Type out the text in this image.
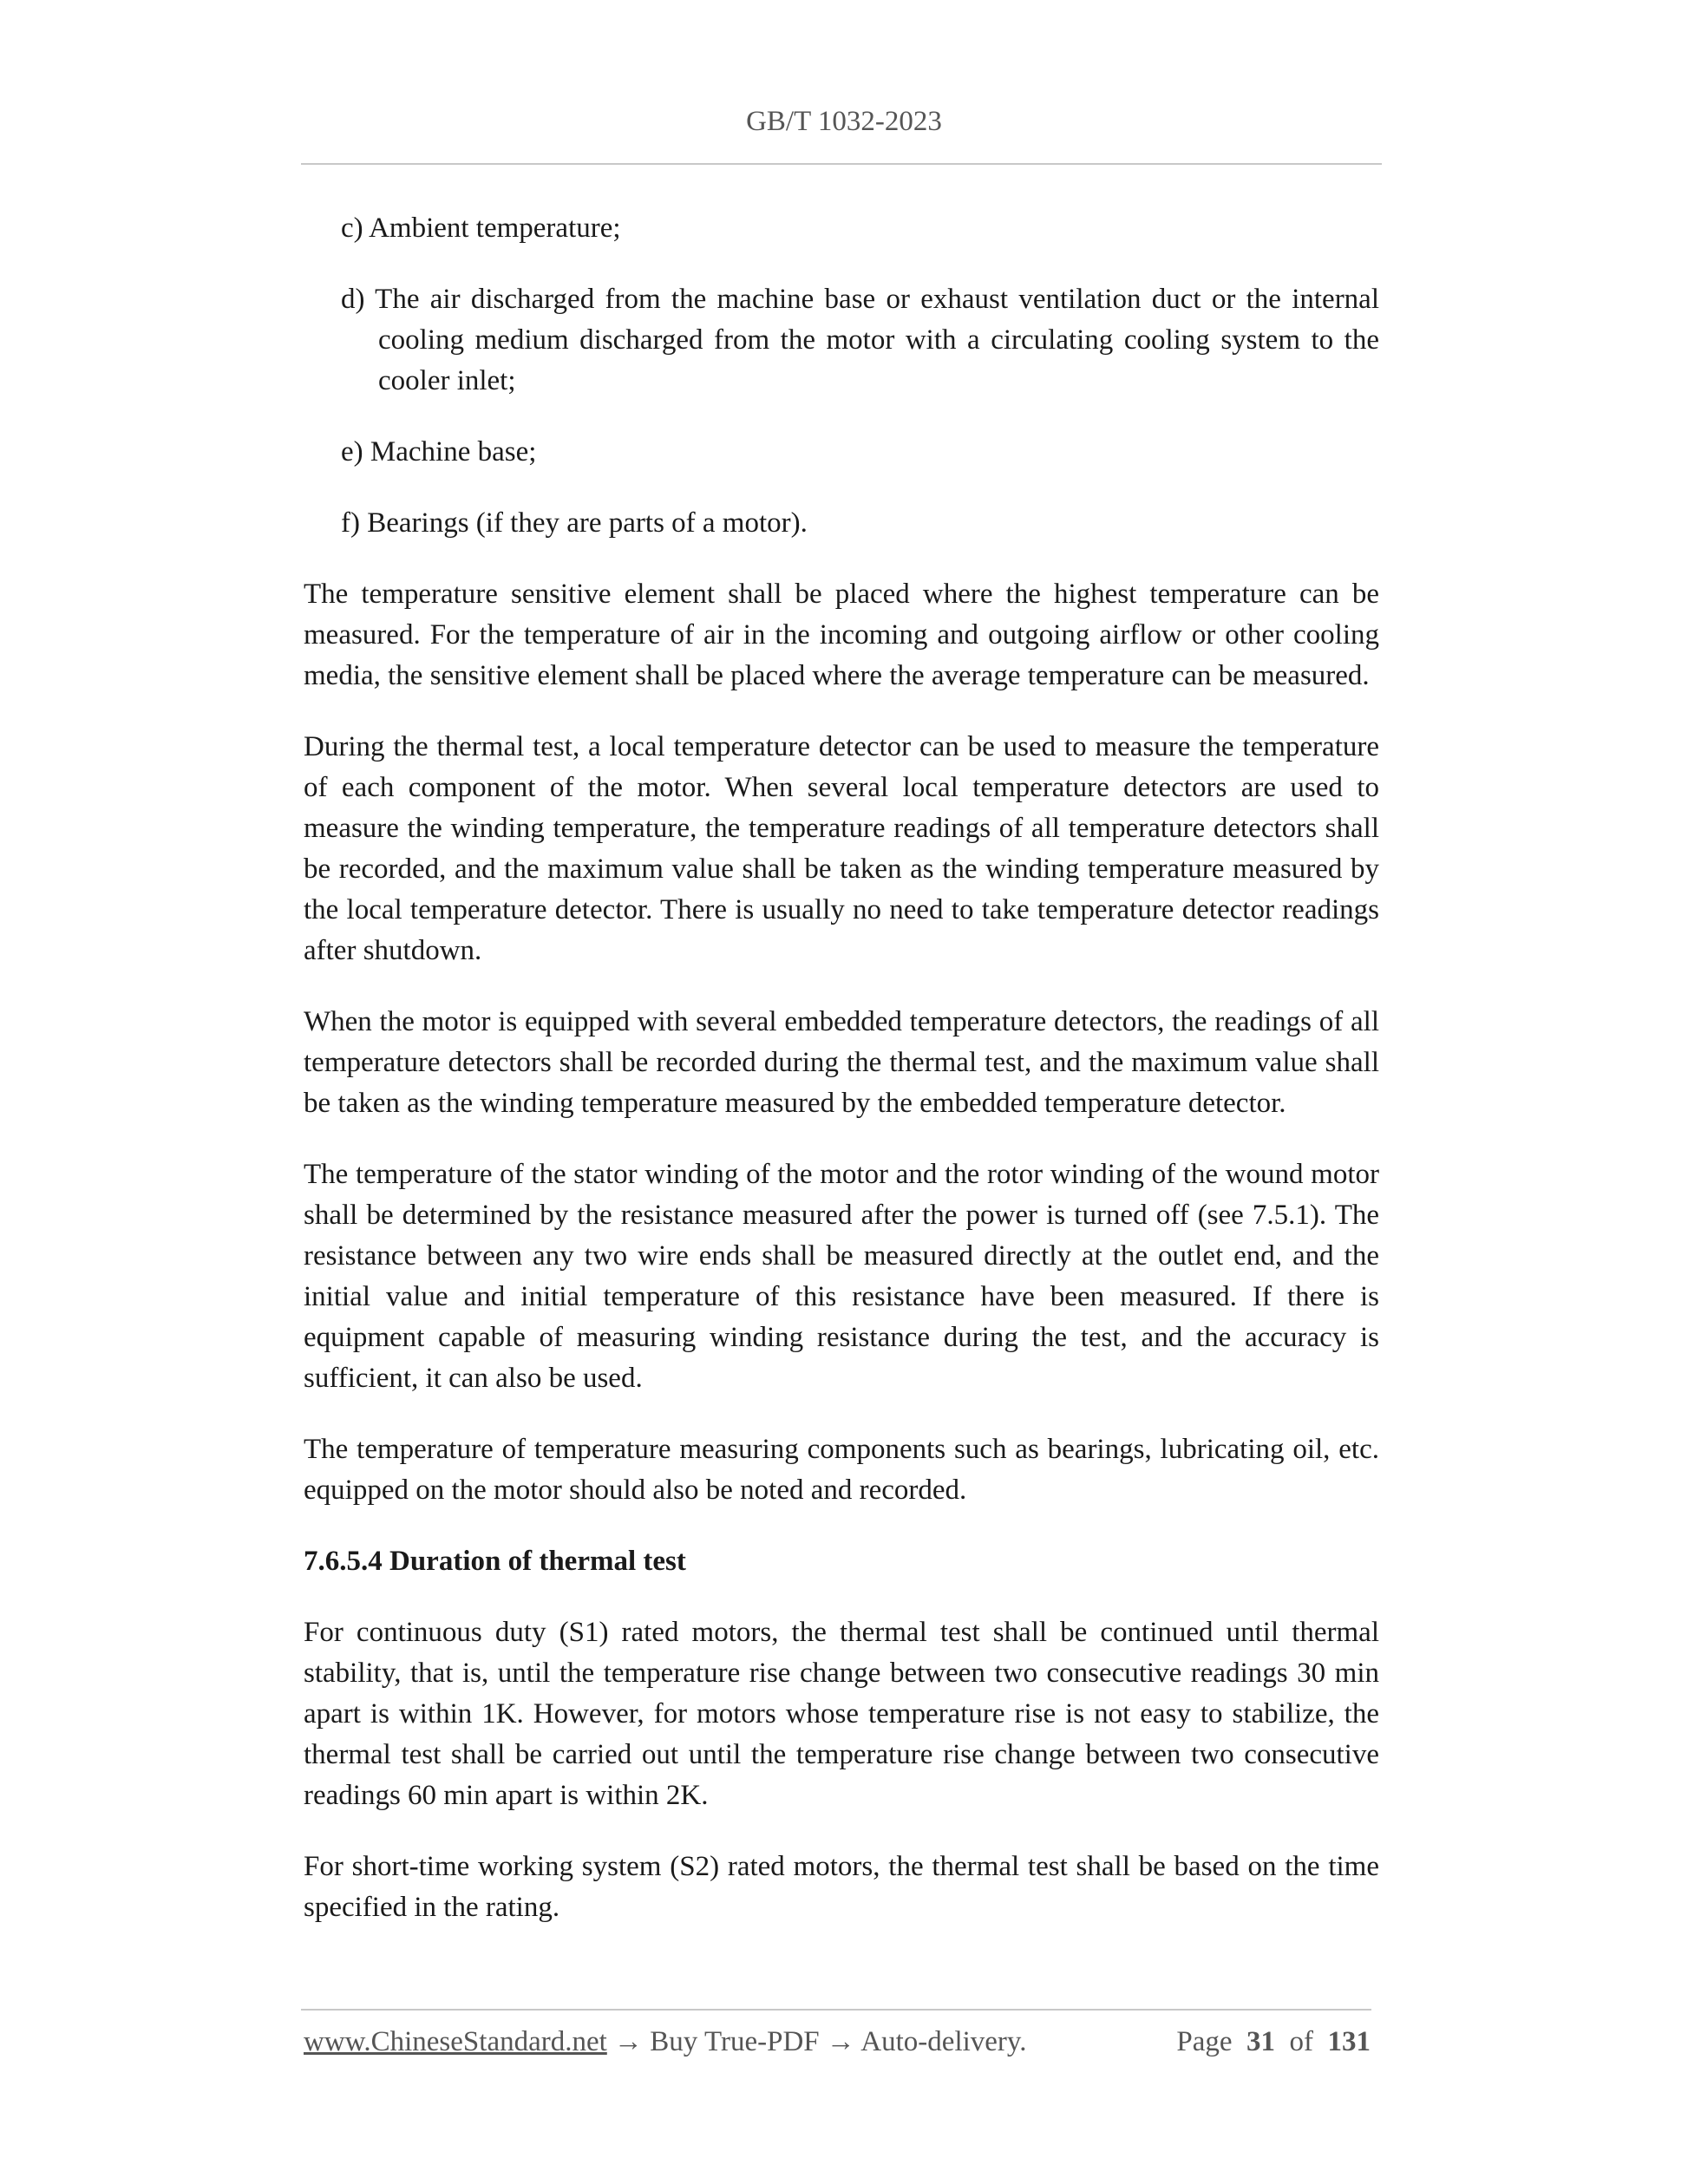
GB/T 1032-2023
c) Ambient temperature;
d) The air discharged from the machine base or exhaust ventilation duct or the internal cooling medium discharged from the motor with a circulating cooling system to the cooler inlet;
e) Machine base;
f) Bearings (if they are parts of a motor).
The temperature sensitive element shall be placed where the highest temperature can be measured. For the temperature of air in the incoming and outgoing airflow or other cooling media, the sensitive element shall be placed where the average temperature can be measured.
During the thermal test, a local temperature detector can be used to measure the temperature of each component of the motor. When several local temperature detectors are used to measure the winding temperature, the temperature readings of all temperature detectors shall be recorded, and the maximum value shall be taken as the winding temperature measured by the local temperature detector. There is usually no need to take temperature detector readings after shutdown.
When the motor is equipped with several embedded temperature detectors, the readings of all temperature detectors shall be recorded during the thermal test, and the maximum value shall be taken as the winding temperature measured by the embedded temperature detector.
The temperature of the stator winding of the motor and the rotor winding of the wound motor shall be determined by the resistance measured after the power is turned off (see 7.5.1). The resistance between any two wire ends shall be measured directly at the outlet end, and the initial value and initial temperature of this resistance have been measured. If there is equipment capable of measuring winding resistance during the test, and the accuracy is sufficient, it can also be used.
The temperature of temperature measuring components such as bearings, lubricating oil, etc. equipped on the motor should also be noted and recorded.
7.6.5.4 Duration of thermal test
For continuous duty (S1) rated motors, the thermal test shall be continued until thermal stability, that is, until the temperature rise change between two consecutive readings 30 min apart is within 1K. However, for motors whose temperature rise is not easy to stabilize, the thermal test shall be carried out until the temperature rise change between two consecutive readings 60 min apart is within 2K.
For short-time working system (S2) rated motors, the thermal test shall be based on the time specified in the rating.
www.ChineseStandard.net → Buy True-PDF → Auto-delivery.	Page 31 of 131
